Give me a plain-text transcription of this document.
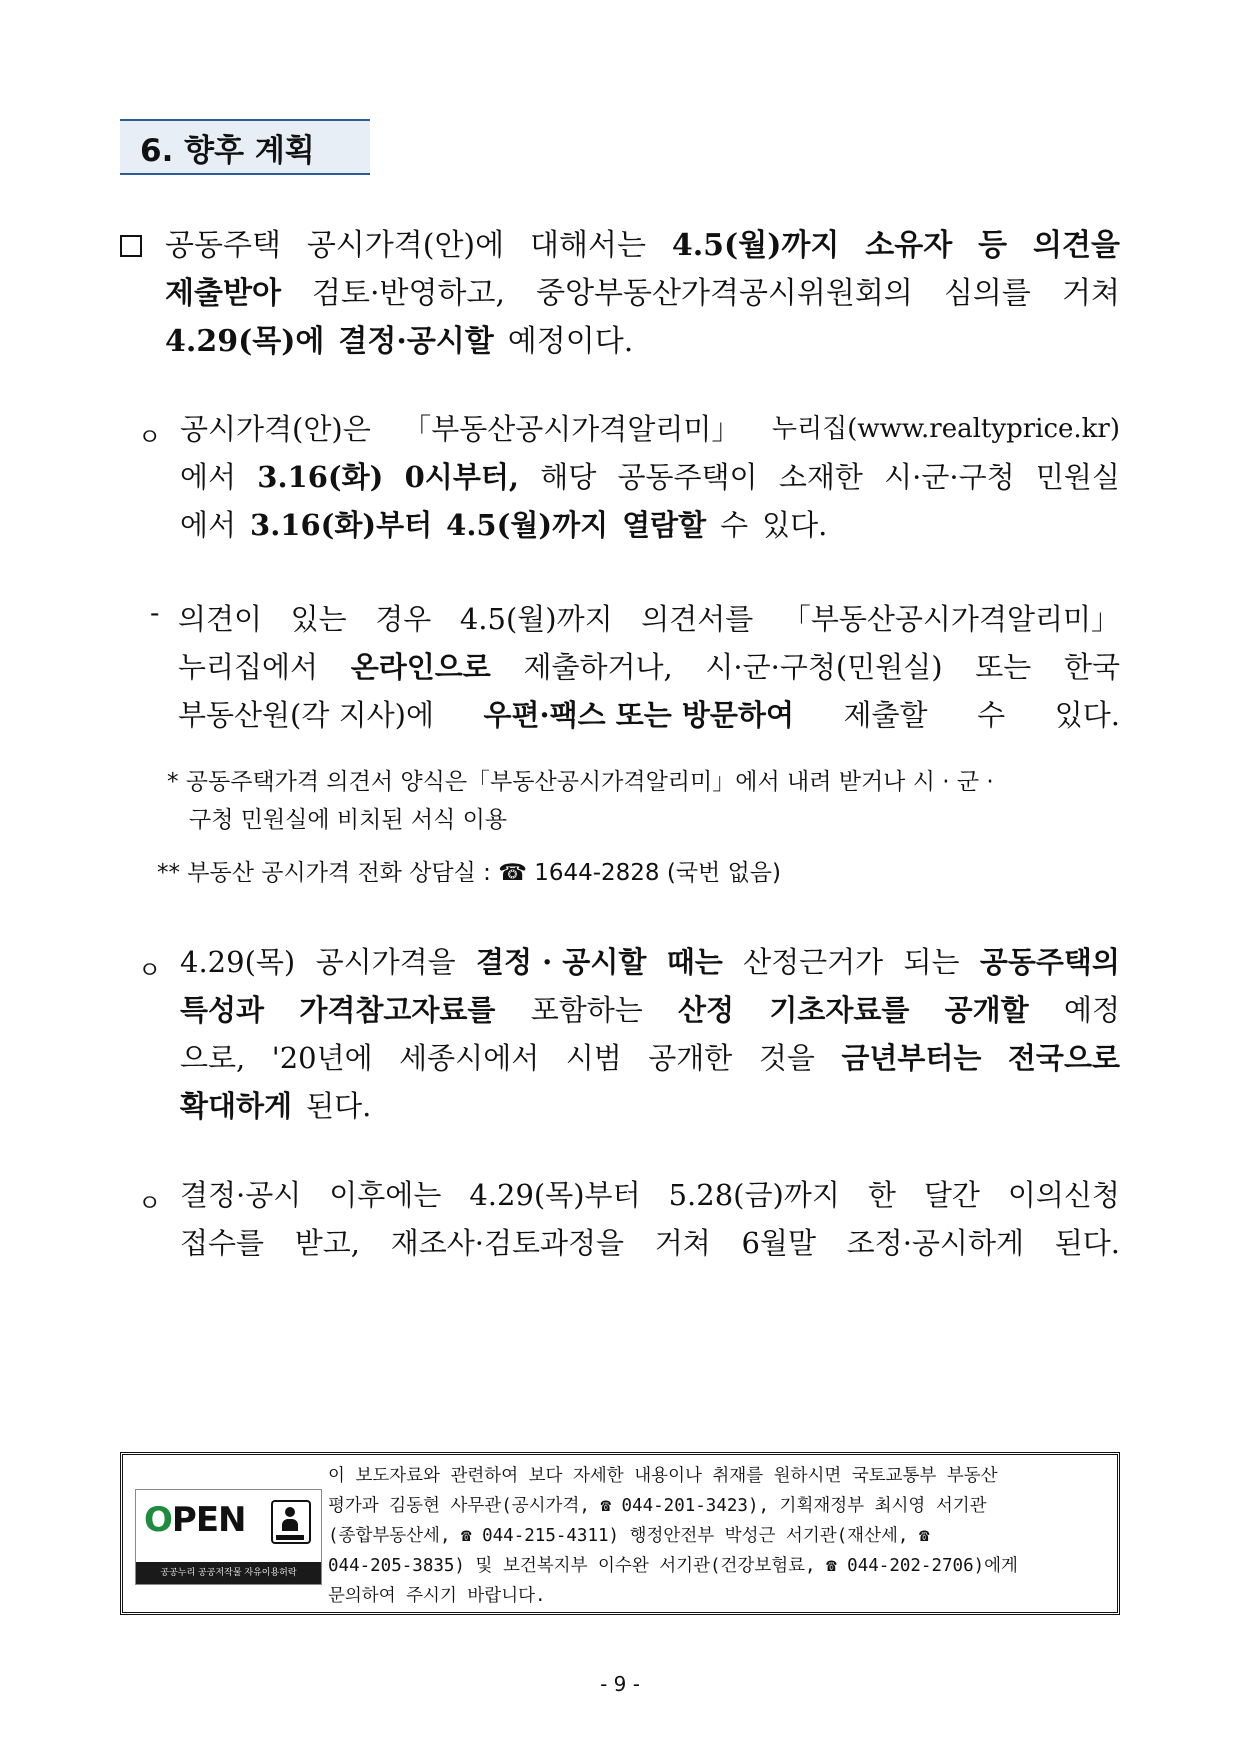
6. 향후 계획
공동주택 공시가격(안)에 대해서는 4.5(월)까지 소유자 등 의견을
제출받아 검토·반영하고, 중앙부동산가격공시위원회의 심의를 거쳐
4.29(목)에 결정·공시할 예정이다.
ㅇ 공시가격(안)은 「부동산공시가격알리미」 누리집(www.realtyprice.kr)
에서 3.16(화) 0시부터, 해당 공동주택이 소재한 시·군·구청 민원실
에서 3.16(화)부터 4.5(월)까지 열람할 수 있다.
- 의견이 있는 경우 4.5(월)까지 의견서를 「부동산공시가격알리미」
누리집에서 온라인으로 제출하거나, 시·군·구청(민원실) 또는 한국
부동산원(각 지사)에 우편·팩스 또는 방문하여 제출할 수 있다.
* 공동주택가격 의견서 양식은「부동산공시가격알리미」에서 내려 받거나 시 · 군 ·
구청 민원실에 비치된 서식 이용
** 부동산 공시가격 전화 상담실 : ☎ 1644-2828 (국번 없음)
ㅇ 4.29(목) 공시가격을 결정 · 공시할 때는 산정근거가 되는 공동주택의
특성과 가격참고자료를 포함하는 산정 기초자료를 공개할 예정
으로, '20년에 세종시에서 시범 공개한 것을 금년부터는 전국으로
확대하게 된다.
ㅇ 결정·공시 이후에는 4.29(목)부터 5.28(금)까지 한 달간 이의신청
접수를 받고, 재조사·검토과정을 거쳐 6월말 조정·공시하게 된다.
OPEN
공공누리 공공저작물 자유이용허락
이 보도자료와 관련하여 보다 자세한 내용이나 취재를 원하시면 국토교통부 부동산
평가과 김동현 사무관(공시가격, ☎ 044-201-3423), 기획재정부 최시영 서기관
(종합부동산세, ☎ 044-215-4311) 행정안전부 박성근 서기관(재산세, ☎
044-205-3835) 및 보건복지부 이수완 서기관(건강보험료, ☎ 044-202-2706)에게
문의하여 주시기 바랍니다.
- 9 -
